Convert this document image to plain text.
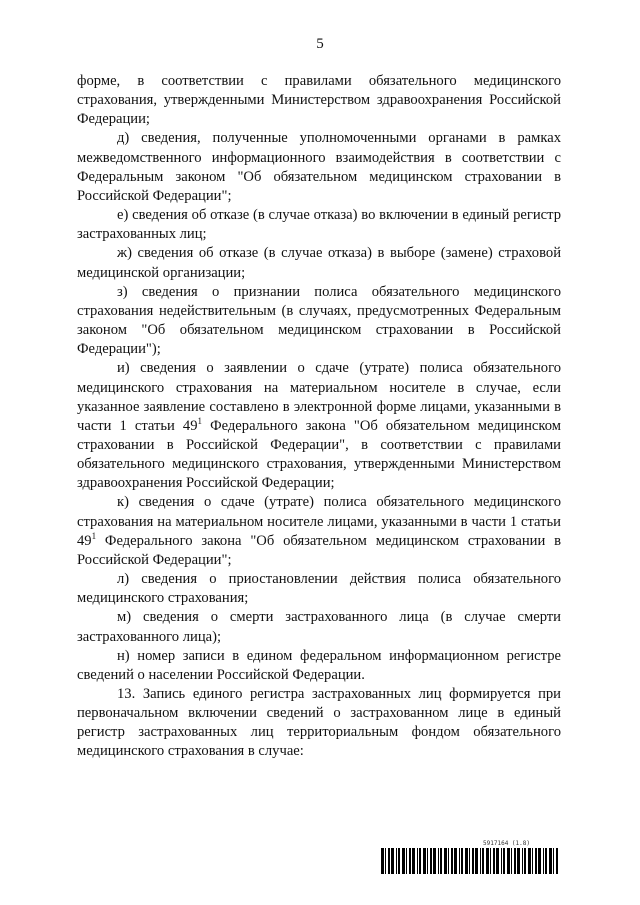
5

форме, в соответствии с правилами обязательного медицинского страхования, утвержденными Министерством здравоохранения Российской Федерации;

д) сведения, полученные уполномоченными органами в рамках межведомственного информационного взаимодействия в соответствии с Федеральным законом "Об обязательном медицинском страховании в Российской Федерации";

е) сведения об отказе (в случае отказа) во включении в единый регистр застрахованных лиц;

ж) сведения об отказе (в случае отказа) в выборе (замене) страховой медицинской организации;

з) сведения о признании полиса обязательного медицинского страхования недействительным (в случаях, предусмотренных Федеральным законом "Об обязательном медицинском страховании в Российской Федерации");

и) сведения о заявлении о сдаче (утрате) полиса обязательного медицинского страхования на материальном носителе в случае, если указанное заявление составлено в электронной форме лицами, указанными в части 1 статьи $49^1$ Федерального закона "Об обязательном медицинском страховании в Российской Федерации", в соответствии с правилами обязательного медицинского страхования, утвержденными Министерством здравоохранения Российской Федерации;

к) сведения о сдаче (утрате) полиса обязательного медицинского страхования на материальном носителе лицами, указанными в части 1 статьи $49^1$ Федерального закона "Об обязательном медицинском страховании в Российской Федерации";

л) сведения о приостановлении действия полиса обязательного медицинского страхования;

м) сведения о смерти застрахованного лица (в случае смерти застрахованного лица);

н) номер записи в едином федеральном информационном регистре сведений о населении Российской Федерации.

13. Запись единого регистра застрахованных лиц формируется при первоначальном включении сведений о застрахованном лице в единый регистр застрахованных лиц территориальным фондом обязательного медицинского страхования в случае:

5917164 (1.8)
